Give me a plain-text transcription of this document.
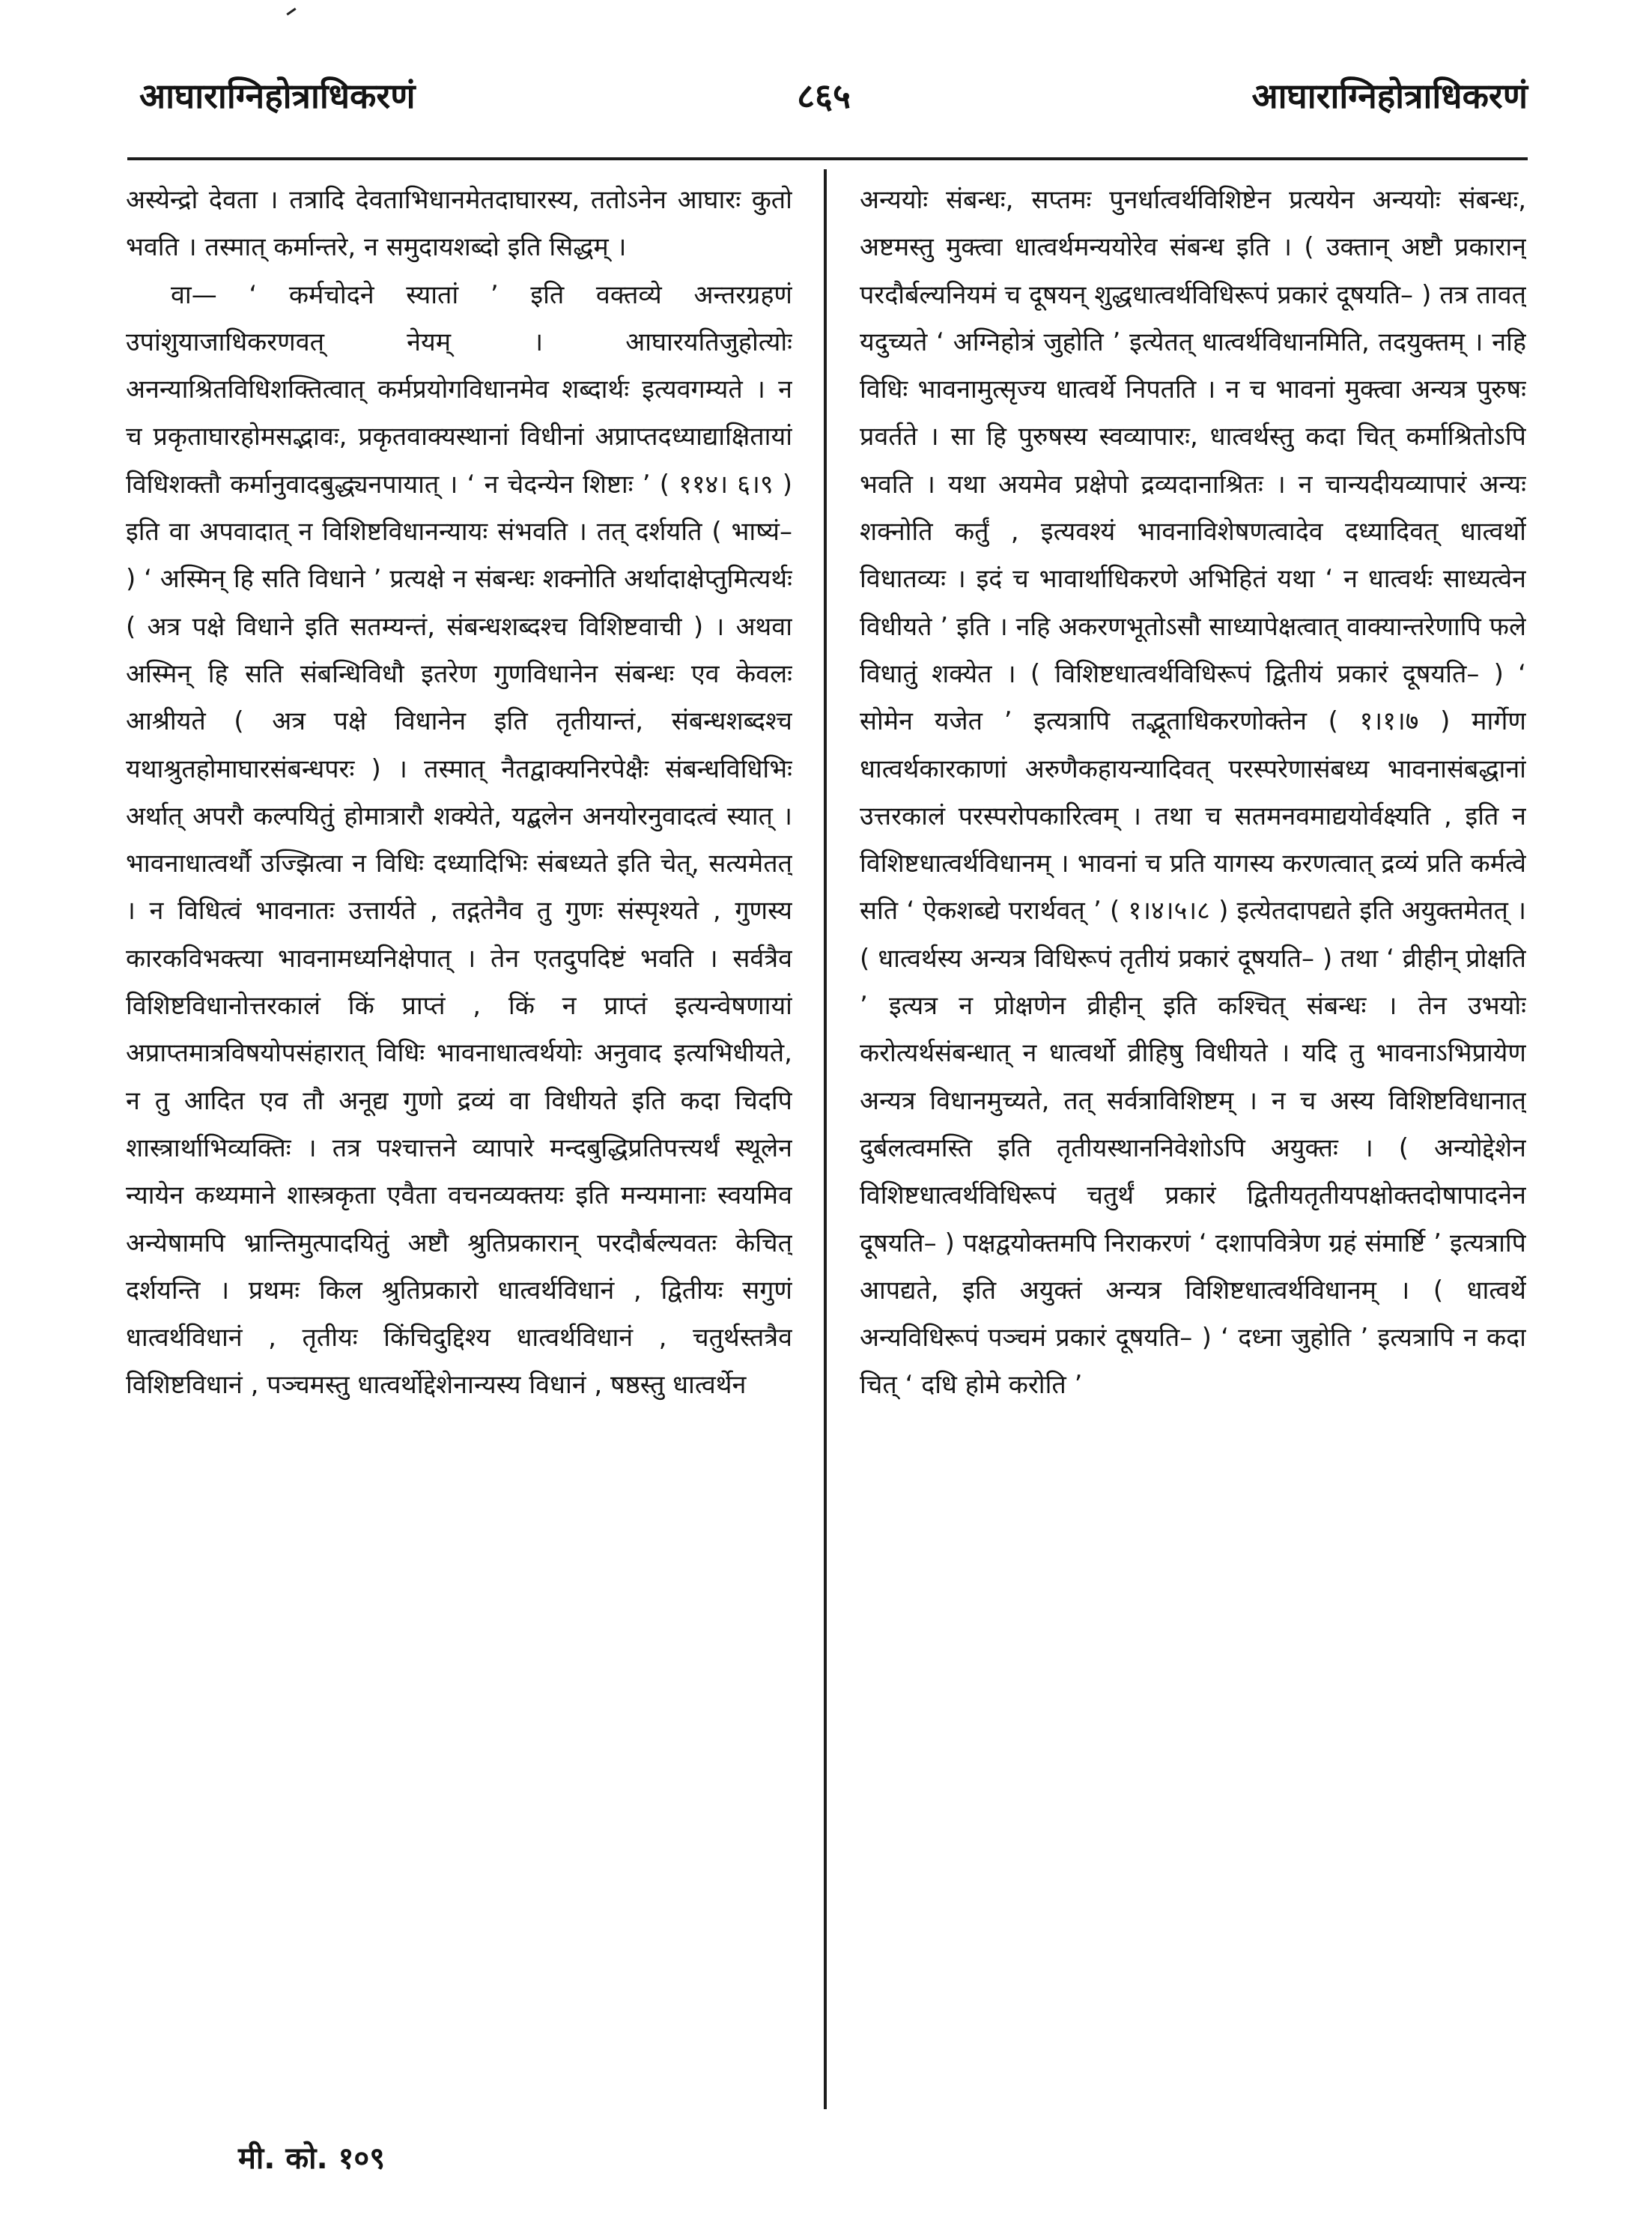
आघाराग्निहोत्राधिकरणं	८६५	आघाराग्निहोत्राधिकरणं

अस्येन्द्रो देवता । तत्रादि देवताभिधानमेतदाघारस्य, ततोऽनेन आघारः कुतो भवति । तस्मात् कर्मान्तरे, न समुदायशब्दो इति सिद्धम् ।

वा— ‘ कर्मचोदने स्यातां ’ इति वक्तव्ये अन्तरग्रहणं उपांशुयाजाधिकरणवत् नेयम् । आघारयतिजुहोत्योः अनन्याश्रितविधिशक्तित्वात् कर्मप्रयोगविधानमेव शब्दार्थः इत्यवगम्यते । न च प्रकृताघारहोमसद्भावः, प्रकृतवाक्यस्थानां विधीनां अप्राप्तदध्याद्याक्षितायां विधिशक्तौ कर्मानुवादबुद्ध्यनपायात् । ‘ न चेदन्येन शिष्टाः ’ ( ११४। ६।९ ) इति वा अपवादात् न विशिष्टविधानन्यायः संभवति । तत् दर्शयति ( भाष्यं– ) ‘ अस्मिन् हि सति विधाने ’ प्रत्यक्षे न संबन्धः शक्नोति अर्थादाक्षेप्तुमित्यर्थः ( अत्र पक्षे विधाने इति सतम्यन्तं, संबन्धशब्दश्च विशिष्टवाची ) । अथवा अस्मिन् हि सति संबन्धिविधौ इतरेण गुणविधानेन संबन्धः एव केवलः आश्रीयते ( अत्र पक्षे विधानेन इति तृतीयान्तं, संबन्धशब्दश्च यथाश्रुतहोमाघारसंबन्धपरः ) । तस्मात् नैतद्वाक्यनिरपेक्षैः संबन्धविधिभिः अर्थात् अपरौ कल्पयितुं होमात्रारौ शक्येते, यद्बलेन अनयोरनुवादत्वं स्यात् । भावनाधात्वर्थौ उज्झित्वा न विधिः दध्यादिभिः संबध्यते इति चेत्, सत्यमेतत् । न विधित्वं भावनातः उत्तार्यते , तद्गतेनैव तु गुणः संस्पृश्यते , गुणस्य कारकविभक्त्या भावनामध्यनिक्षेपात् । तेन एतदुपदिष्टं भवति । सर्वत्रैव विशिष्टविधानोत्तरकालं किं प्राप्तं , किं न प्राप्तं इत्यन्वेषणायां अप्राप्तमात्रविषयोपसंहारात् विधिः भावनाधात्वर्थयोः अनुवाद इत्यभिधीयते, न तु आदित एव तौ अनूद्य गुणो द्रव्यं वा विधीयते इति कदा चिदपि शास्त्रार्थाभिव्यक्तिः । तत्र पश्चात्तने व्यापारे मन्दबुद्धिप्रतिपत्त्यर्थं स्थूलेन न्यायेन कथ्यमाने शास्त्रकृता एवैता वचनव्यक्तयः इति मन्यमानाः स्वयमिव अन्येषामपि भ्रान्तिमुत्पादयितुं अष्टौ श्रुतिप्रकारान् परदौर्बल्यवतः केचित् दर्शयन्ति । प्रथमः किल श्रुतिप्रकारो धात्वर्थविधानं , द्वितीयः सगुणं धात्वर्थविधानं , तृतीयः किंचिदुद्दिश्य धात्वर्थविधानं , चतुर्थस्तत्रैव विशिष्टविधानं , पञ्चमस्तु धात्वर्थोद्देशेनान्यस्य विधानं , षष्ठस्तु धात्वर्थेन

अन्ययोः संबन्धः, सप्तमः पुनर्धात्वर्थविशिष्टेन प्रत्ययेन अन्ययोः संबन्धः, अष्टमस्तु मुक्त्वा धात्वर्थमन्ययोरेव संबन्ध इति । ( उक्तान् अष्टौ प्रकारान् परदौर्बल्यनियमं च दूषयन् शुद्धधात्वर्थविधिरूपं प्रकारं दूषयति– ) तत्र तावत् यदुच्यते ‘ अग्निहोत्रं जुहोति ’ इत्येतत् धात्वर्थविधानमिति, तदयुक्तम् । नहि विधिः भावनामुत्सृज्य धात्वर्थे निपतति । न च भावनां मुक्त्वा अन्यत्र पुरुषः प्रवर्तते । सा हि पुरुषस्य स्वव्यापारः, धात्वर्थस्तु कदा चित् कर्माश्रितोऽपि भवति । यथा अयमेव प्रक्षेपो द्रव्यदानाश्रितः । न चान्यदीयव्यापारं अन्यः शक्नोति कर्तुं , इत्यवश्यं भावनाविशेषणत्वादेव दध्यादिवत् धात्वर्थो विधातव्यः । इदं च भावार्थाधिकरणे अभिहितं यथा ‘ न धात्वर्थः साध्यत्वेन विधीयते ’ इति । नहि अकरणभूतोऽसौ साध्यापेक्षत्वात् वाक्यान्तरेणापि फले विधातुं शक्येत । ( विशिष्टधात्वर्थविधिरूपं द्वितीयं प्रकारं दूषयति– ) ‘ सोमेन यजेत ’ इत्यत्रापि तद्भूताधिकरणोक्तेन ( १।१।७ ) मार्गेण धात्वर्थकारकाणां अरुणैकहायन्यादिवत् परस्परेणासंबध्य भावनासंबद्धानां उत्तरकालं परस्परोपकारित्वम् । तथा च सतमनवमाद्ययोर्वक्ष्यति , इति न विशिष्टधात्वर्थविधानम् । भावनां च प्रति यागस्य करणत्वात् द्रव्यं प्रति कर्मत्वे सति ‘ ऐकशब्द्ये परार्थवत् ’ ( १।४।५।८ ) इत्येतदापद्यते इति अयुक्तमेतत् । ( धात्वर्थस्य अन्यत्र विधिरूपं तृतीयं प्रकारं दूषयति– ) तथा ‘ व्रीहीन् प्रोक्षति ’ इत्यत्र न प्रोक्षणेन व्रीहीन् इति कश्चित् संबन्धः । तेन उभयोः करोत्यर्थसंबन्धात् न धात्वर्थो व्रीहिषु विधीयते । यदि तु भावनाऽभिप्रायेण अन्यत्र विधानमुच्यते, तत् सर्वत्राविशिष्टम् । न च अस्य विशिष्टविधानात् दुर्बलत्वमस्ति इति तृतीयस्थाननिवेशोऽपि अयुक्तः । ( अन्योद्देशेन विशिष्टधात्वर्थविधिरूपं चतुर्थं प्रकारं द्वितीयतृतीयपक्षोक्तदोषापादनेन दूषयति– ) पक्षद्वयोक्तमपि निराकरणं ‘ दशापवित्रेण ग्रहं संमार्ष्टि ’ इत्यत्रापि आपद्यते, इति अयुक्तं अन्यत्र विशिष्टधात्वर्थविधानम् । ( धात्वर्थे अन्यविधिरूपं पञ्चमं प्रकारं दूषयति– ) ‘ दध्ना जुहोति ’ इत्यत्रापि न कदा चित् ‘ दधि होमे करोति ’

मी. को. १०९
